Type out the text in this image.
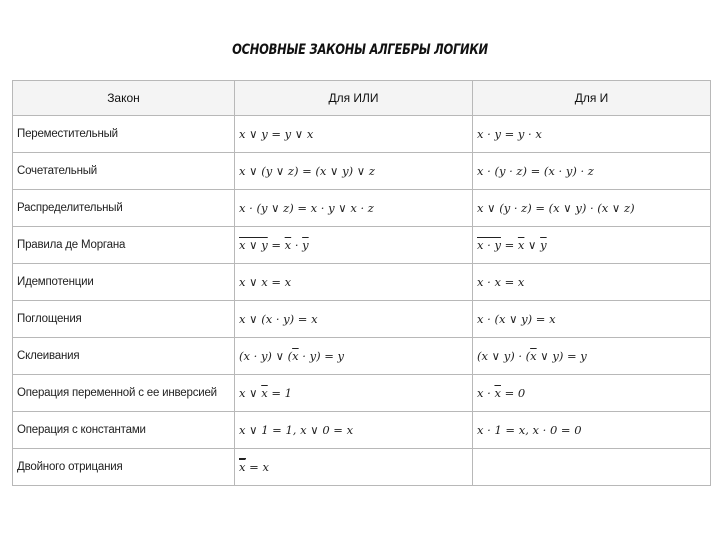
ОСНОВНЫЕ ЗАКОНЫ АЛГЕБРЫ ЛОГИКИ
Закон	Для ИЛИ	Для И
Переместительный	x ∨ y = y ∨ x	x · y = y · x
Сочетательный	x ∨ (y ∨ z) = (x ∨ y) ∨ z	x · (y · z) = (x · y) · z
Распределительный	x · (y ∨ z) = x · y ∨ x · z	x ∨ (y · z) = (x ∨ y) · (x ∨ z)
Правила де Моргана	x ∨ $y = \overline{x} \cdot \overline{y}$	$x \cdot y = \overline{x}$ ∨ $\overline{y}$
Идемпотенции	x ∨ x = x	x · x = x
Поглощения	x ∨ (x · y) = x	x · (x ∨ y) = x
Склеивания	(x · y) ∨ $(\overline{x} \cdot y) = y$	(x ∨ $y) \cdot (\overline{x}$ ∨ y) = y
Операция переменной с ее инверсией	x ∨ $\overline{x} = 1$	$x \cdot \overline{x} = 0$
Операция с константами	x ∨ 1 = 1, x ∨ 0 = x	x · 1 = x, x · 0 = 0
Двойного отрицания	$\overline{x} = x$	
